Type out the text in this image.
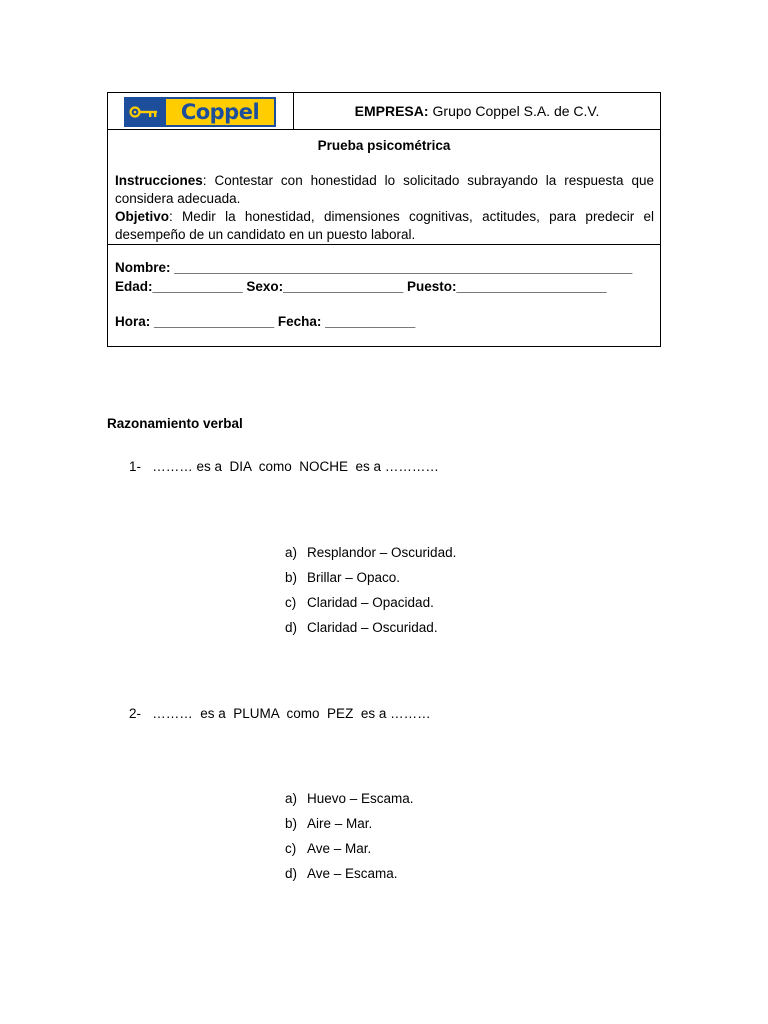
Coppel	EMPRESA: Grupo Coppel S.A. de C.V.
Prueba psicométrica
Instrucciones: Contestar con honestidad lo solicitado subrayando la respuesta que considera adecuada.
Objetivo: Medir la honestidad, dimensiones cognitivas, actitudes, para predecir el desempeño de un candidato en un puesto laboral.
Nombre: _____________________________________________________________
Edad:____________ Sexo:________________ Puesto:____________________
Hora: ________________ Fecha: ____________
Razonamiento verbal
1-   ……… es a  DIA  como  NOCHE  es a …………
a) Resplandor – Oscuridad.
b) Brillar – Opaco.
c) Claridad – Opacidad.
d) Claridad – Oscuridad.
2-   ………  es a  PLUMA  como  PEZ  es a ………
a) Huevo – Escama.
b) Aire – Mar.
c) Ave – Mar.
d) Ave – Escama.
